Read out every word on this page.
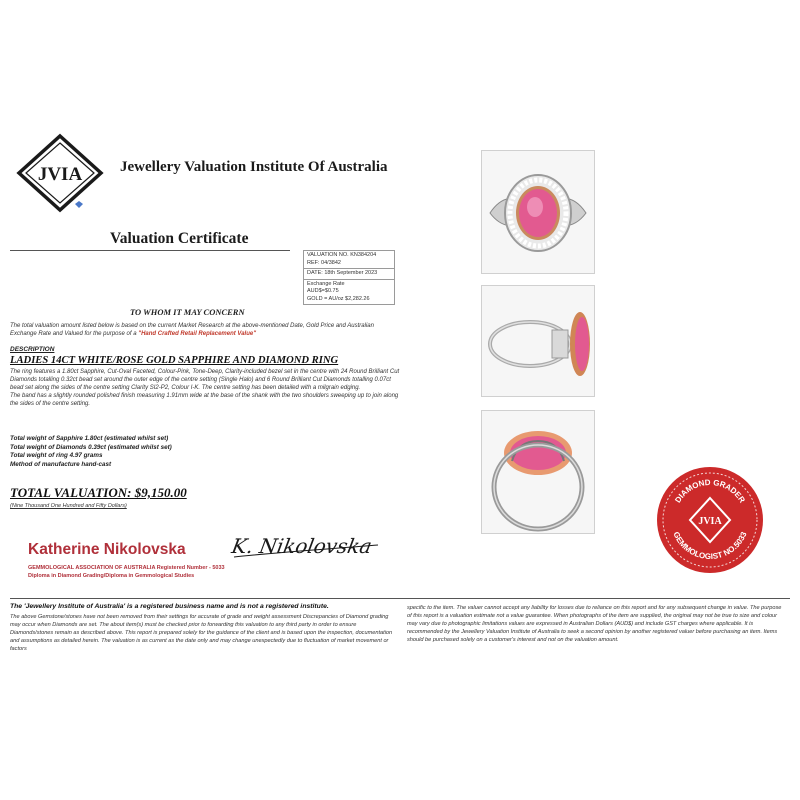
JVIA	Jewellery Valuation Institute Of Australia
Valuation Certificate
VALUATION NO. KN384204
REF: 04/3842
DATE: 18th September 2023
Exchange Rate
AUD$=$0.75
GOLD = AU/oz $2,282.26
TO WHOM IT MAY CONCERN
The total valuation amount listed below is based on the current Market Research at the above-mentioned Date, Gold Price and Australian Exchange Rate and Valued for the purpose of a "Hand Crafted Retail Replacement Value"
DESCRIPTION
LADIES 14CT WHITE/ROSE GOLD SAPPHIRE AND DIAMOND RING

The ring features a 1.80ct Sapphire, Cut-Oval Faceted, Colour-Pink, Tone-Deep, Clarity-included bezel set in the centre with 24 Round Brilliant Cut Diamonds totalling 0.32ct bead set around the outer edge of the centre setting (Single Halo) and 6 Round Brilliant Cut Diamonds totalling 0.07ct bead set along the sides of the centre setting Clarity SI2-P2, Colour I-K. The centre setting has been detailed with a milgrain edging.

The band has a slightly rounded polished finish measuring 1.91mm wide at the base of the shank with the two shoulders sweeping up to join along the sides of the centre setting.

Total weight of Sapphire 1.80ct (estimated whilst set)
Total weight of Diamonds 0.39ct (estimated whilst set)
Total weight of ring 4.97 grams
Method of manufacture hand-cast
TOTAL VALUATION: $9,150.00
(Nine Thousand One Hundred and Fifty Dollars)
Katherine Nikolovska K. Nikolovska
GEMMOLOGICAL ASSOCIATION OF AUSTRALIA Registered Number - 5033
Diploma in Diamond Grading/Diploma in Gemmological Studies
DIAMOND GRADER
GEMMOLOGIST NO.5033
JVIA
The 'Jewellery Institute of Australia' is a registered business name and is not a registered institute.
The above Gemstone/stones have not been removed from their settings for accurate of grade and weight assessment Discrepancies of Diamond grading may occur when Diamonds are set. The about item(s) must be checked prior to forwarding this valuation to any third party in order to ensure Diamonds/stones remain as described above. This report is prepared solely for the guidance of the client and is based upon the inspection, documentation and assumptions as detailed herein. The valuation is as current as the date only and may change unexpectedly due to fluctuation of market movement or factors
specific to the item. The valuer cannot accept any liability for losses due to reliance on this report and for any subsequent change in value. The purpose of this report is a valuation estimate not a value guarantee. When photographs of the item are supplied, the original may not be true to size and colour may vary due to photographic limitations values are expressed in Australian Dollars (AUD$) and include GST charges where applicable. It is recommended by the Jewellery Valuation Institute of Australia to seek a second opinion by another registered valuer before purchasing an item. Items should be purchased solely on a customer's interest and not on the valuation amount.
